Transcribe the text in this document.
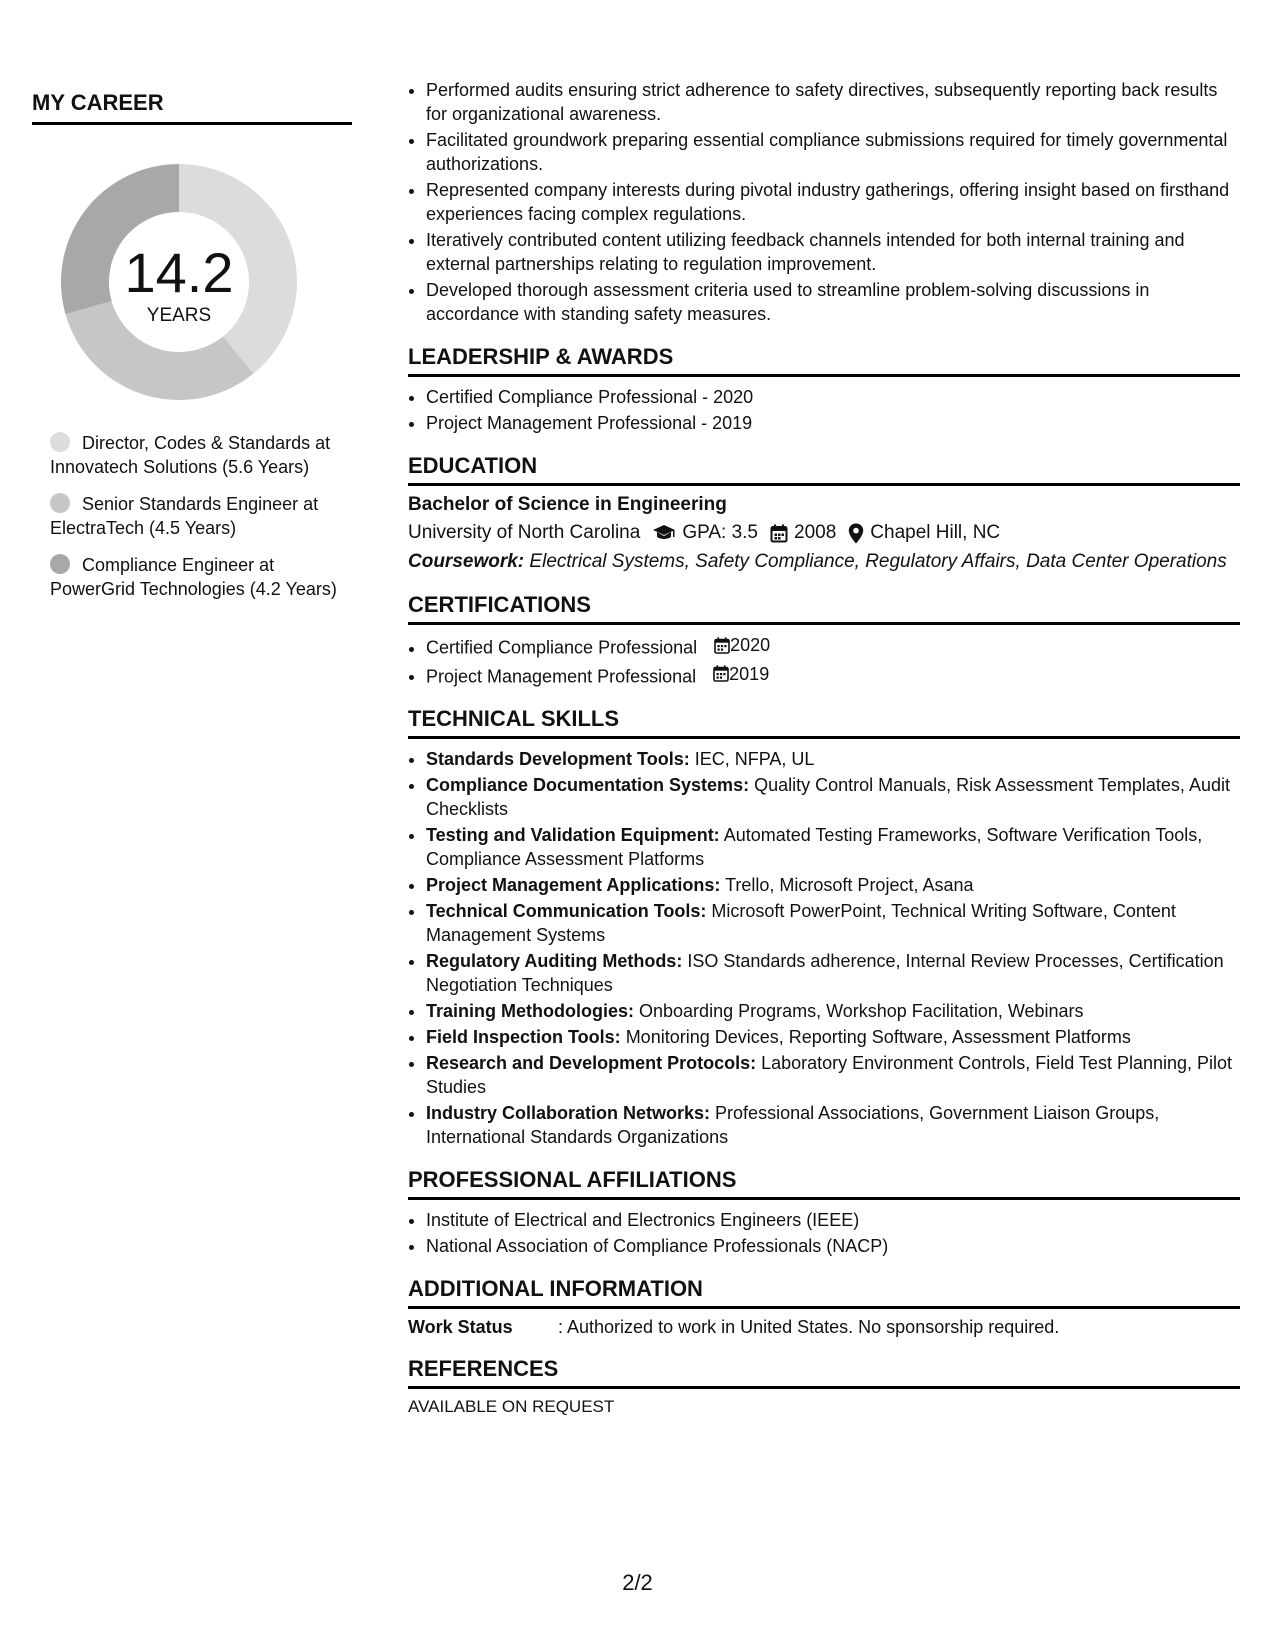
MY CAREER
14.2
YEARS
Director, Codes & Standards at Innovatech Solutions (5.6 Years)
Senior Standards Engineer at ElectraTech (4.5 Years)
Compliance Engineer at PowerGrid Technologies (4.2 Years)
• Performed audits ensuring strict adherence to safety directives, subsequently reporting back results for organizational awareness.
• Facilitated groundwork preparing essential compliance submissions required for timely governmental authorizations.
• Represented company interests during pivotal industry gatherings, offering insight based on firsthand experiences facing complex regulations.
• Iteratively contributed content utilizing feedback channels intended for both internal training and external partnerships relating to regulation improvement.
• Developed thorough assessment criteria used to streamline problem-solving discussions in accordance with standing safety measures.
LEADERSHIP & AWARDS
• Certified Compliance Professional - 2020
• Project Management Professional - 2019
EDUCATION

Bachelor of Science in Engineering

University of North Carolina GPA: 3.5 2008 Chapel Hill, NC

Coursework: Electrical Systems, Safety Compliance, Regulatory Affairs, Data Center Operations

CERTIFICATIONS
• Certified Compliance Professional 2020
• Project Management Professional 2019
TECHNICAL SKILLS
• Standards Development Tools: IEC, NFPA, UL
• Compliance Documentation Systems: Quality Control Manuals, Risk Assessment Templates, Audit Checklists
• Testing and Validation Equipment: Automated Testing Frameworks, Software Verification Tools, Compliance Assessment Platforms
• Project Management Applications: Trello, Microsoft Project, Asana
• Technical Communication Tools: Microsoft PowerPoint, Technical Writing Software, Content Management Systems
• Regulatory Auditing Methods: ISO Standards adherence, Internal Review Processes, Certification Negotiation Techniques
• Training Methodologies: Onboarding Programs, Workshop Facilitation, Webinars
• Field Inspection Tools: Monitoring Devices, Reporting Software, Assessment Platforms
• Research and Development Protocols: Laboratory Environment Controls, Field Test Planning, Pilot Studies
• Industry Collaboration Networks: Professional Associations, Government Liaison Groups, International Standards Organizations
PROFESSIONAL AFFILIATIONS
• Institute of Electrical and Electronics Engineers (IEEE)
• National Association of Compliance Professionals (NACP)
ADDITIONAL INFORMATION
Work Status	: Authorized to work in United States. No sponsorship required.
REFERENCES

AVAILABLE ON REQUEST

2/2
